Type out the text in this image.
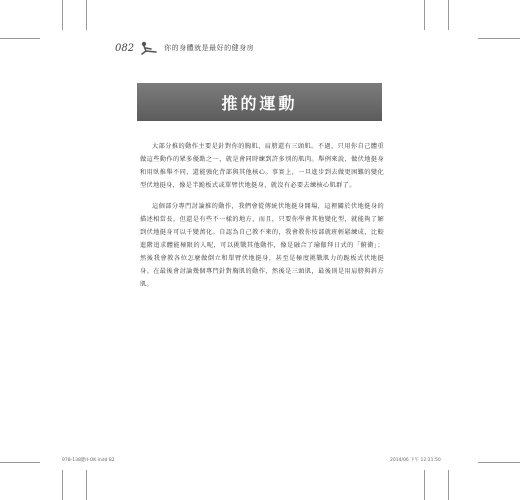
082	你的身體就是最好的健身房
推的運動

大部分推的動作主要是針對你的胸肌、肩膀還有三頭肌。不過，只用你自己體重做這些動作的眾多優點之一，就是會同時練到許多別的肌肉。舉例來說，做伏地挺身和用臥推舉不同，還能強化背部與其他核心。事實上，一旦進步到去做更困難的變化型伏地挺身，像是半跪板式或單臂伏地挺身，就沒有必要去練核心肌群了。

這個部分專門討論推的動作，我們會從傳統伏地挺身開場，這裡關於伏地挺身的描述相當長，但還是有些不一樣的地方，而且，只要你學會其他變化型，就能夠了解到伏地挺身可以千變萬化。自認為自己教不來的，我會教你按部就班輕鬆練成，比較進階追求體能極限的人呢，可以挑戰其他動作，像是融合了瑜伽拜日式的「俯衝」；然後我會教各位怎麼做倒立和單臂伏地挺身，甚至是極度挑戰肌力的跪板式伏地挺身。在最後會討論幾個專門針對胸肌的動作，然後是三頭肌，最後則是用肩膀與斜方肌。

978-138健II-OK.indd 82	2014/06 下午 12:21:50
